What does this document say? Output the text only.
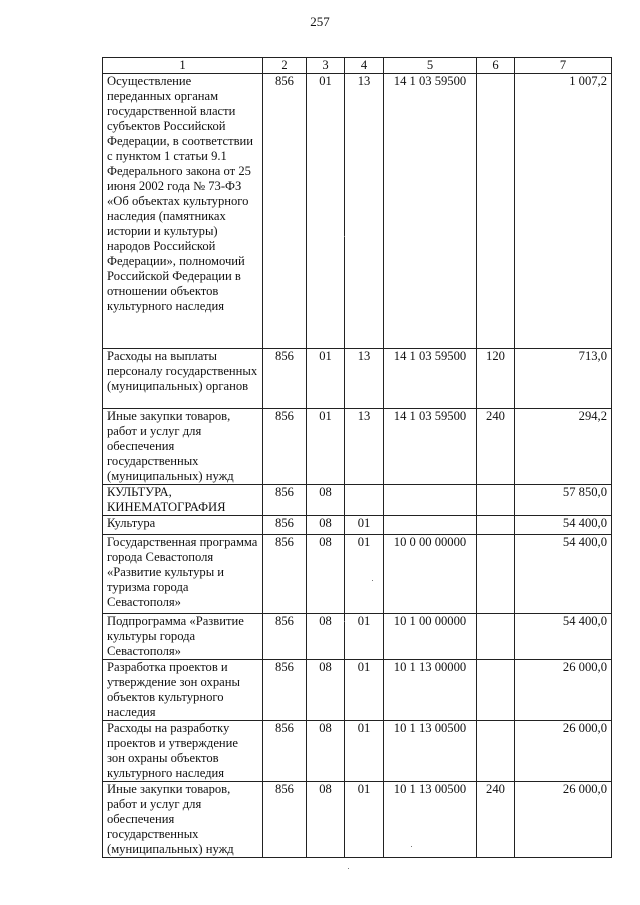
257
1	2	3	4	5	6	7
Осуществление переданных органам государственной власти субъектов Российской Федерации, в соответствии с пунктом 1 статьи 9.1 Федерального закона от 25 июня 2002 года № 73-ФЗ «Об объектах культурного наследия (памятниках истории и культуры) народов Российской Федерации», полномочий Российской Федерации в отношении объектов культурного наследия	856	01	13	14 1 03 59500		1 007,2
Расходы на выплаты персоналу государственных (муниципальных) органов	856	01	13	14 1 03 59500	120	713,0
Иные закупки товаров, работ и услуг для обеспечения государственных (муниципальных) нужд	856	01	13	14 1 03 59500	240	294,2
КУЛЬТУРА, КИНЕМАТОГРАФИЯ	856	08				57 850,0
Культура	856	08	01			54 400,0
Государственная программа города Севастополя «Развитие культуры и туризма города Севастополя»	856	08	01	10 0 00 00000		54 400,0
Подпрограмма «Развитие культуры города Севастополя»	856	08	01	10 1 00 00000		54 400,0
Разработка проектов и утверждение зон охраны объектов культурного наследия	856	08	01	10 1 13 00000		26 000,0
Расходы на разработку проектов и утверждение зон охраны объектов культурного наследия	856	08	01	10 1 13 00500		26 000,0
Иные закупки товаров, работ и услуг для обеспечения государственных (муниципальных) нужд	856	08	01	10 1 13 00500	240	26 000,0
